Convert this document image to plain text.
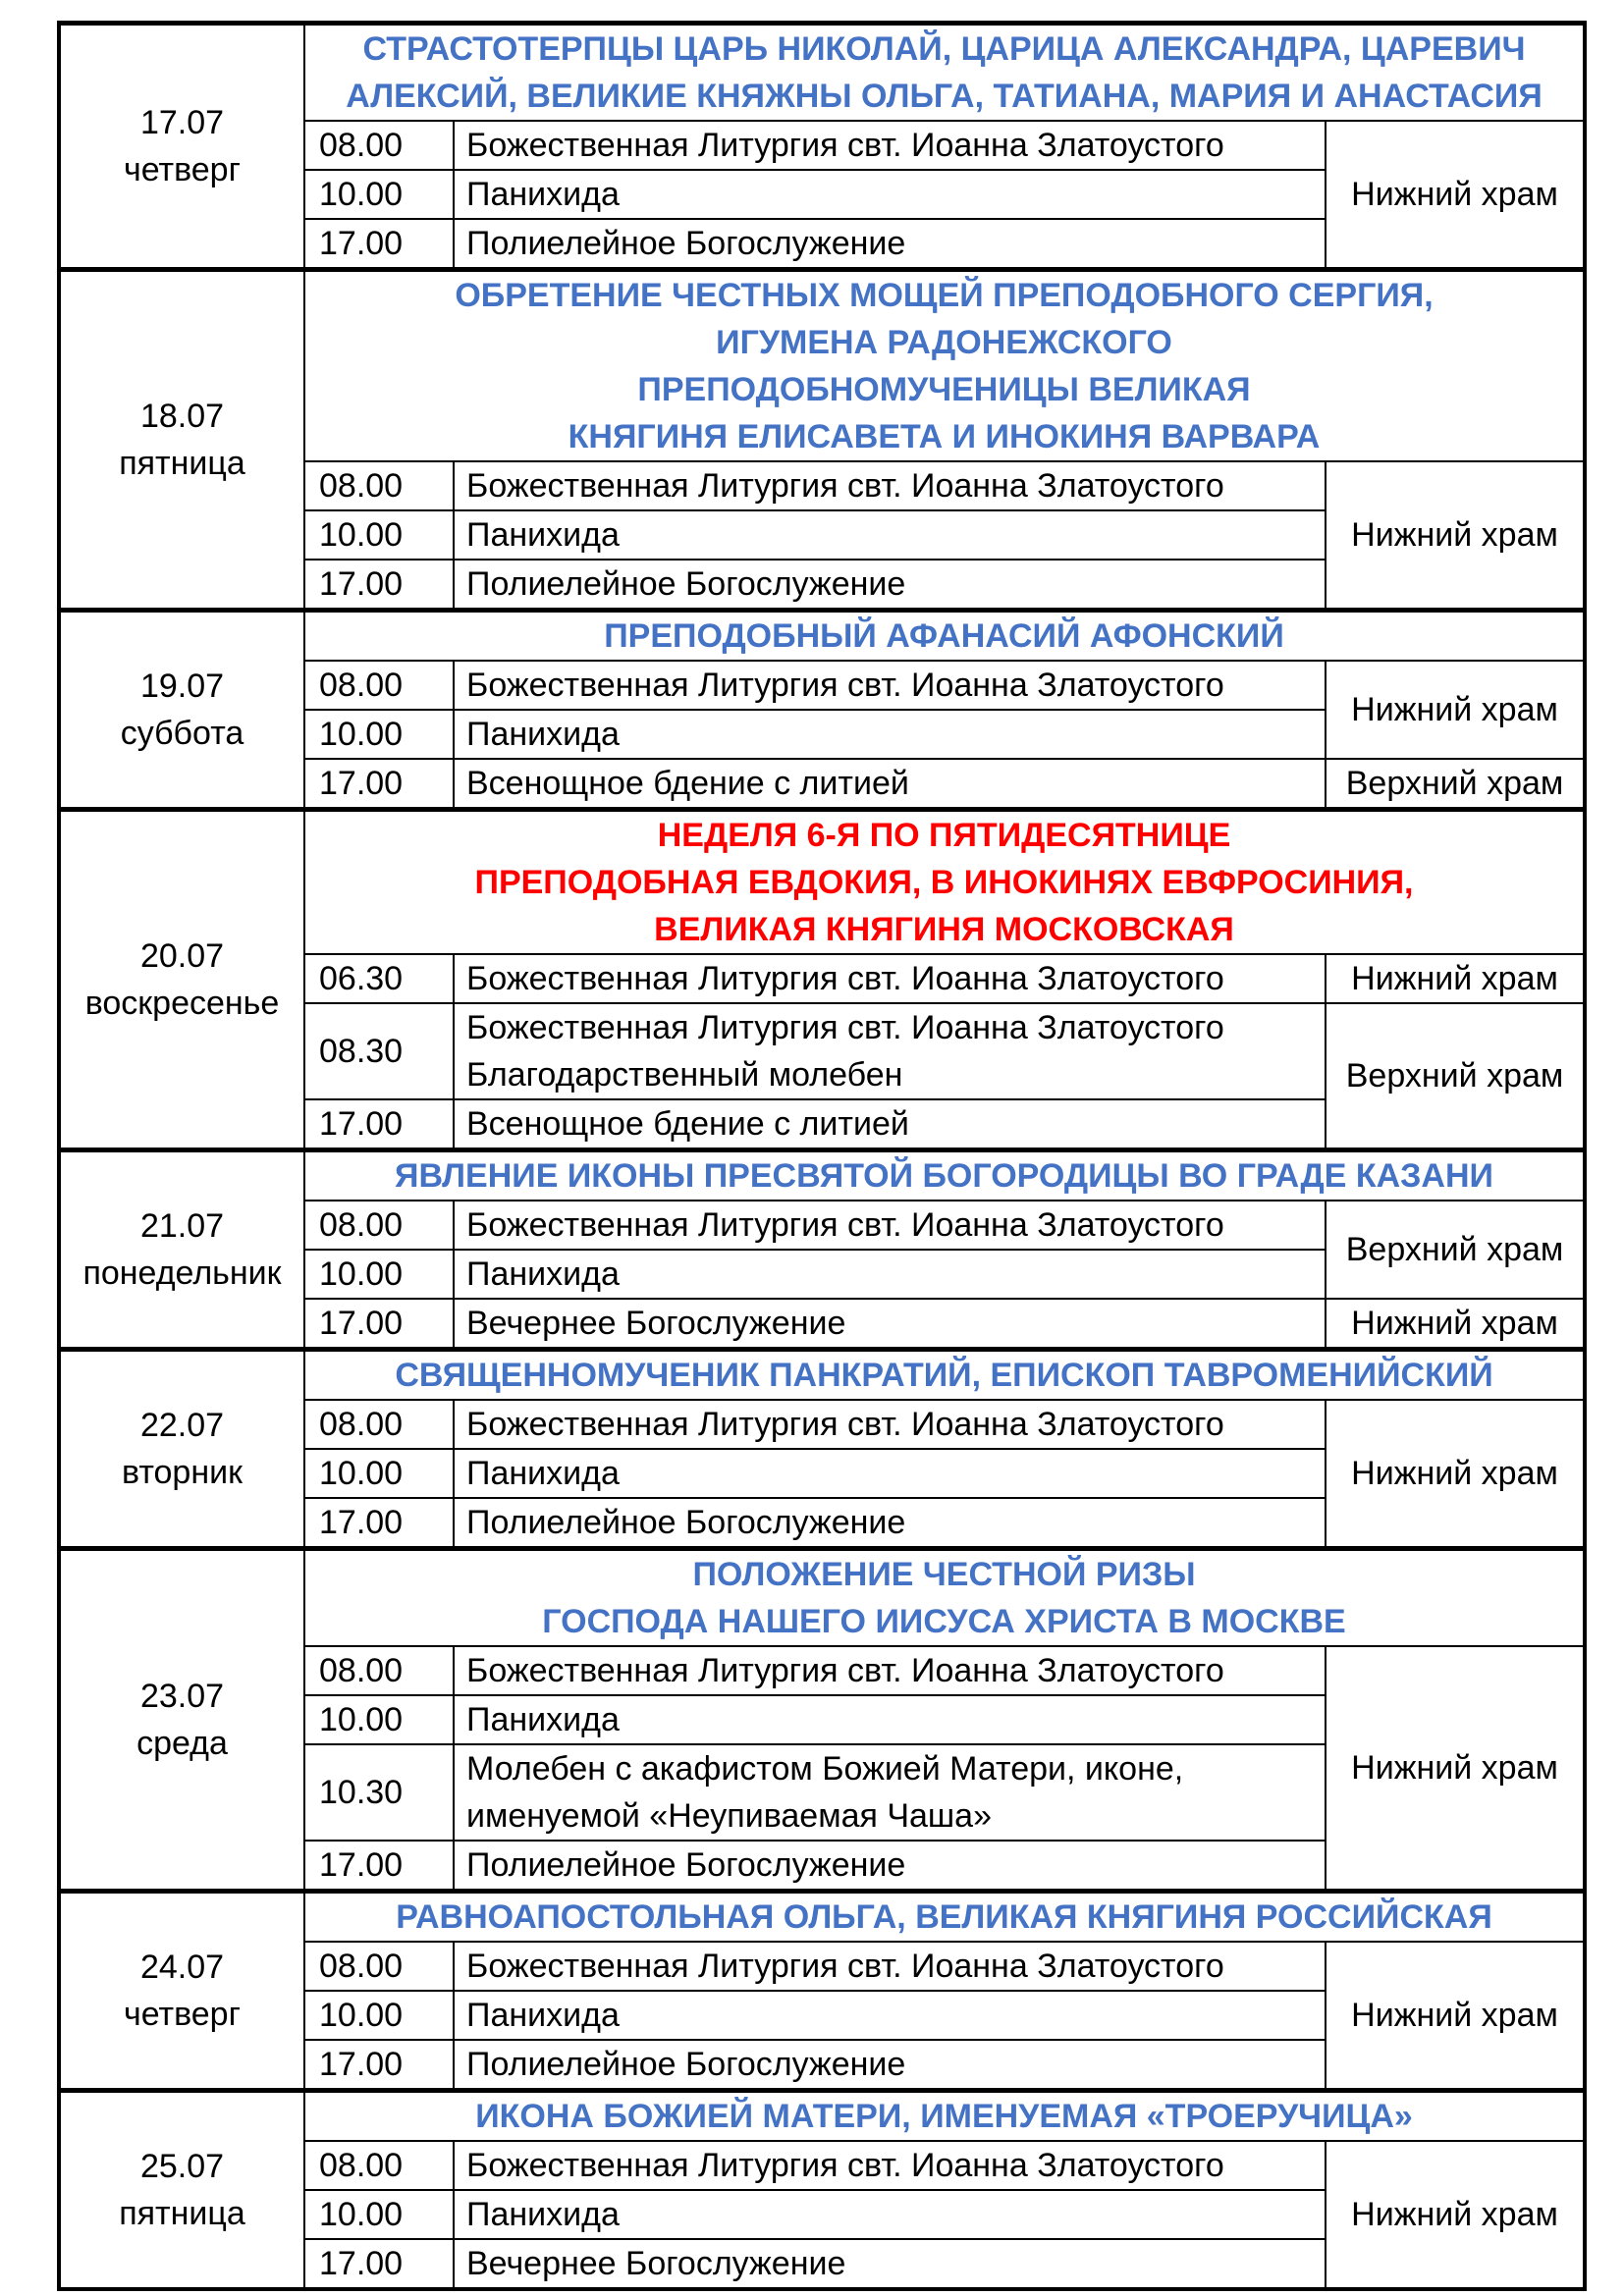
17.07
четверг	СТРАСТОТЕРПЦЫ ЦАРЬ НИКОЛАЙ, ЦАРИЦА АЛЕКСАНДРА, ЦАРЕВИЧ
АЛЕКСИЙ, ВЕЛИКИЕ КНЯЖНЫ ОЛЬГА, ТАТИАНА, МАРИЯ И АНАСТАСИЯ		

	08.00	Божественная Литургия свт. Иоанна Златоустого	Нижний храм
	10.00	Панихида	

	17.00	Полиелейное Богослужение	

18.07
пятница	ОБРЕТЕНИЕ ЧЕСТНЫХ МОЩЕЙ ПРЕПОДОБНОГО СЕРГИЯ,
ИГУМЕНА РАДОНЕЖСКОГО
ПРЕПОДОБНОМУЧЕНИЦЫ ВЕЛИКАЯ
КНЯГИНЯ ЕЛИСАВЕТА И ИНОКИНЯ ВАРВАРА		

	08.00	Божественная Литургия свт. Иоанна Златоустого	Нижний храм
	10.00	Панихида	

	17.00	Полиелейное Богослужение	

19.07
суббота	ПРЕПОДОБНЫЙ АФАНАСИЙ АФОНСКИЙ		

	08.00	Божественная Литургия свт. Иоанна Златоустого	Нижний храм
	10.00	Панихида	

	17.00	Всенощное бдение с литией	Верхний храм

20.07
воскресенье	НЕДЕЛЯ 6-Я ПО ПЯТИДЕСЯТНИЦЕ
ПРЕПОДОБНАЯ ЕВДОКИЯ, В ИНОКИНЯХ ЕВФРОСИНИЯ,
ВЕЛИКАЯ КНЯГИНЯ МОСКОВСКАЯ		

	06.30	Божественная Литургия свт. Иоанна Златоустого	Нижний храм
	08.30	Божественная Литургия свт. Иоанна Златоустого
Благодарственный молебен	Верхний храм
	17.00	Всенощное бдение с литией	

21.07
понедельник	ЯВЛЕНИЕ ИКОНЫ ПРЕСВЯТОЙ БОГОРОДИЦЫ ВО ГРАДЕ КАЗАНИ		

	08.00	Божественная Литургия свт. Иоанна Златоустого	Верхний храм
	10.00	Панихида	

	17.00	Вечернее Богослужение	Нижний храм

22.07
вторник	СВЯЩЕННОМУЧЕНИК ПАНКРАТИЙ, ЕПИСКОП ТАВРОМЕНИЙСКИЙ		

	08.00	Божественная Литургия свт. Иоанна Златоустого	Нижний храм
	10.00	Панихида	

	17.00	Полиелейное Богослужение	

23.07
среда	ПОЛОЖЕНИЕ ЧЕСТНОЙ РИЗЫ
ГОСПОДА НАШЕГО ИИСУСА ХРИСТА В МОСКВЕ		

	08.00	Божественная Литургия свт. Иоанна Златоустого	Нижний храм
	10.00	Панихида	

	10.30	Молебен с акафистом Божией Матери, иконе,
именуемой «Неупиваемая Чаша»	

	17.00	Полиелейное Богослужение	

24.07
четверг	РАВНОАПОСТОЛЬНАЯ ОЛЬГА, ВЕЛИКАЯ КНЯГИНЯ РОССИЙСКАЯ		

	08.00	Божественная Литургия свт. Иоанна Златоустого	Нижний храм
	10.00	Панихида	

	17.00	Полиелейное Богослужение	

25.07
пятница	ИКОНА БОЖИЕЙ МАТЕРИ, ИМЕНУЕМАЯ «ТРОЕРУЧИЦА»		

	08.00	Божественная Литургия свт. Иоанна Златоустого	Нижний храм
	10.00	Панихида	

	17.00	Вечернее Богослужение	
